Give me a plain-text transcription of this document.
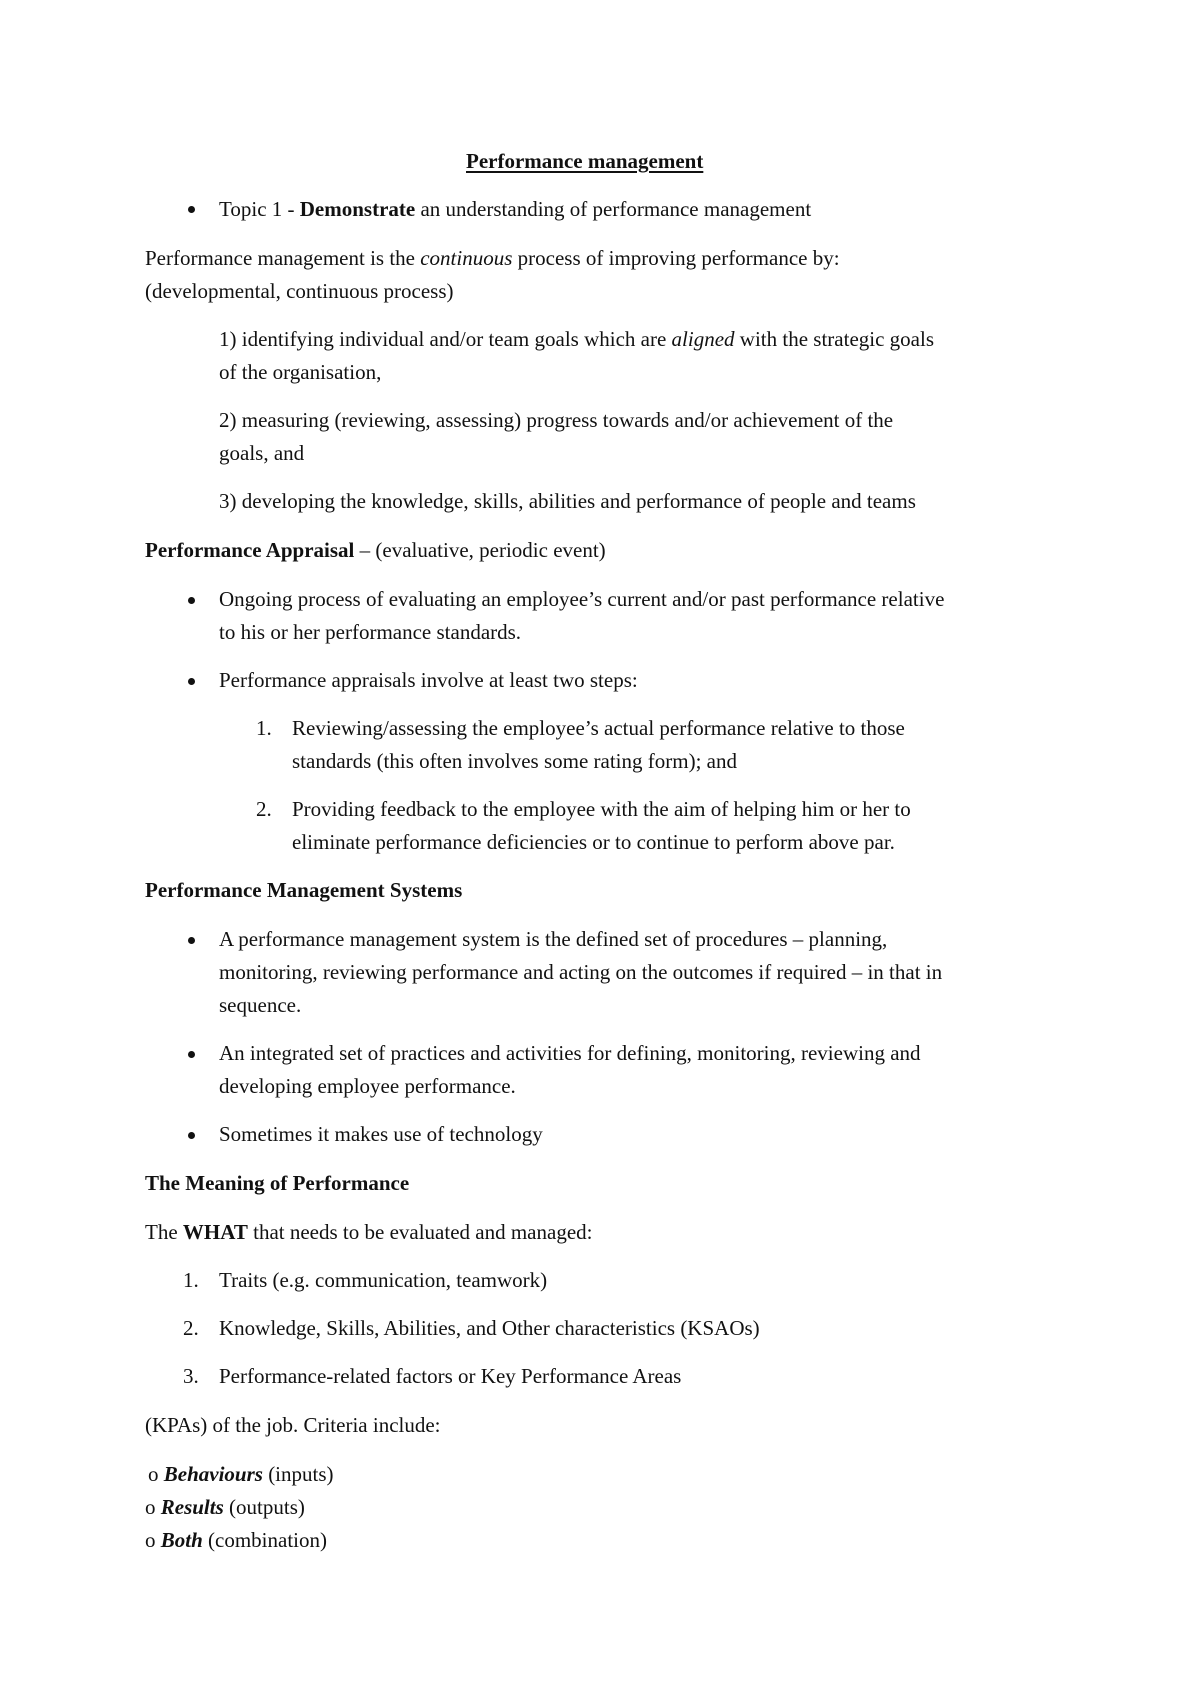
Performance management
Topic 1 - Demonstrate an understanding of performance management
Performance management is the continuous process of improving performance by:
(developmental, continuous process)
1) identifying individual and/or team goals which are aligned with the strategic goals
of the organisation,
2) measuring (reviewing, assessing) progress towards and/or achievement of the
goals, and
3) developing the knowledge, skills, abilities and performance of people and teams
Performance Appraisal – (evaluative, periodic event)
Ongoing process of evaluating an employee’s current and/or past performance relative
to his or her performance standards.
Performance appraisals involve at least two steps:
1. Reviewing/assessing the employee’s actual performance relative to those
standards (this often involves some rating form); and
2. Providing feedback to the employee with the aim of helping him or her to
eliminate performance deficiencies or to continue to perform above par.
Performance Management Systems
A performance management system is the defined set of procedures – planning,
monitoring, reviewing performance and acting on the outcomes if required – in that in
sequence.
An integrated set of practices and activities for defining, monitoring, reviewing and
developing employee performance.
Sometimes it makes use of technology
The Meaning of Performance
The WHAT that needs to be evaluated and managed:
1. Traits (e.g. communication, teamwork)
2. Knowledge, Skills, Abilities, and Other characteristics (KSAOs)
3. Performance-related factors or Key Performance Areas
(KPAs) of the job. Criteria include:
o Behaviours (inputs)
o Results (outputs)
o Both (combination)
